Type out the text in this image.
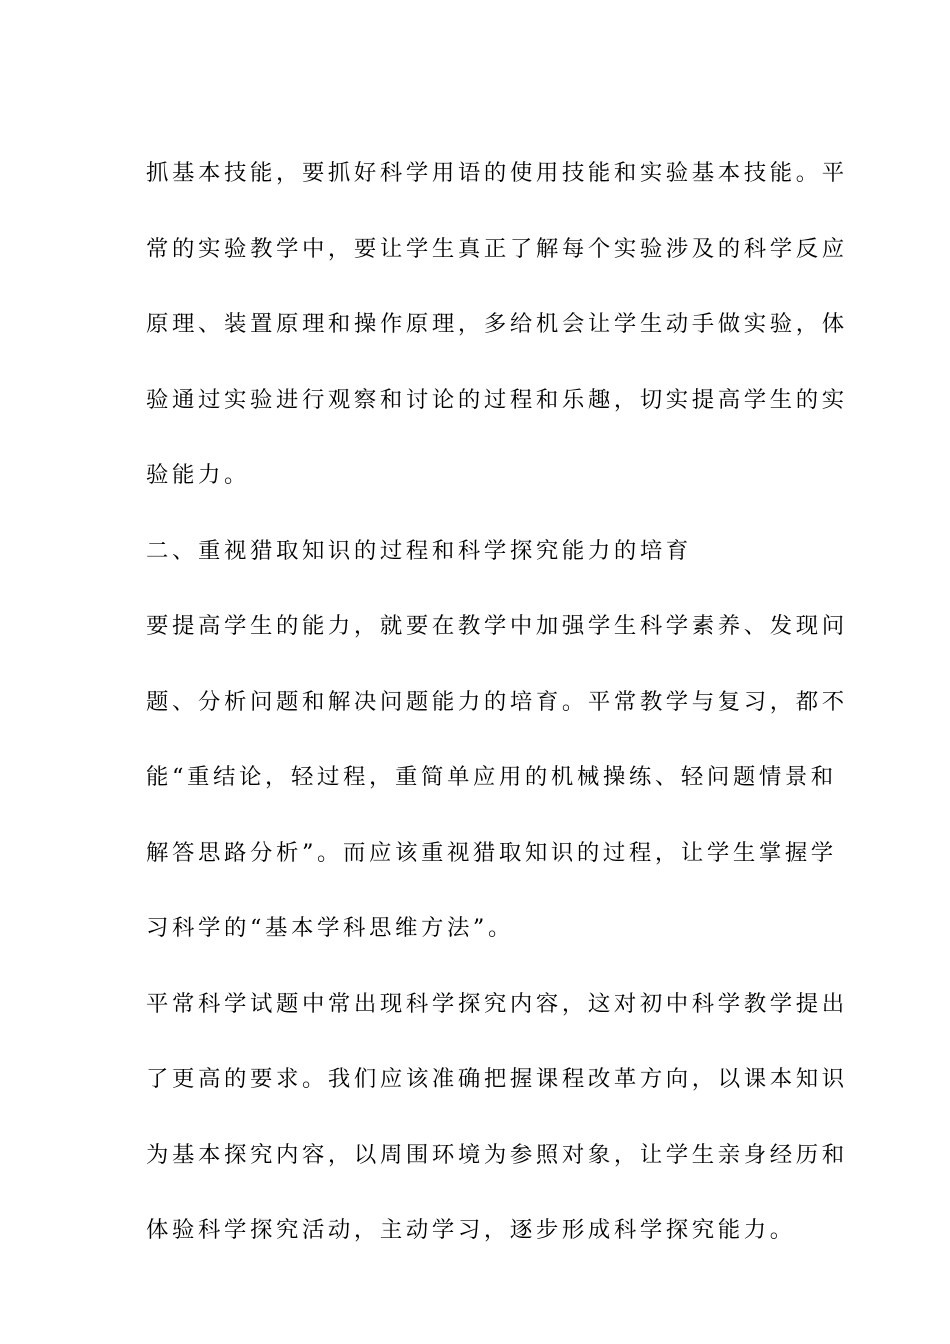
抓基本技能，要抓好科学用语的使用技能和实验基本技能。平
常的实验教学中，要让学生真正了解每个实验涉及的科学反应
原理、装置原理和操作原理，多给机会让学生动手做实验，体
验通过实验进行观察和讨论的过程和乐趣，切实提高学生的实
验能力。

二、重视猎取知识的过程和科学探究能力的培育

要提高学生的能力，就要在教学中加强学生科学素养、发现问
题、分析问题和解决问题能力的培育。平常教学与复习，都不
能“重结论，轻过程，重简单应用的机械操练、轻问题情景和
解答思路分析”。而应该重视猎取知识的过程，让学生掌握学
习科学的“基本学科思维方法”。

平常科学试题中常出现科学探究内容，这对初中科学教学提出
了更高的要求。我们应该准确把握课程改革方向，以课本知识
为基本探究内容，以周围环境为参照对象，让学生亲身经历和
体验科学探究活动，主动学习，逐步形成科学探究能力。
